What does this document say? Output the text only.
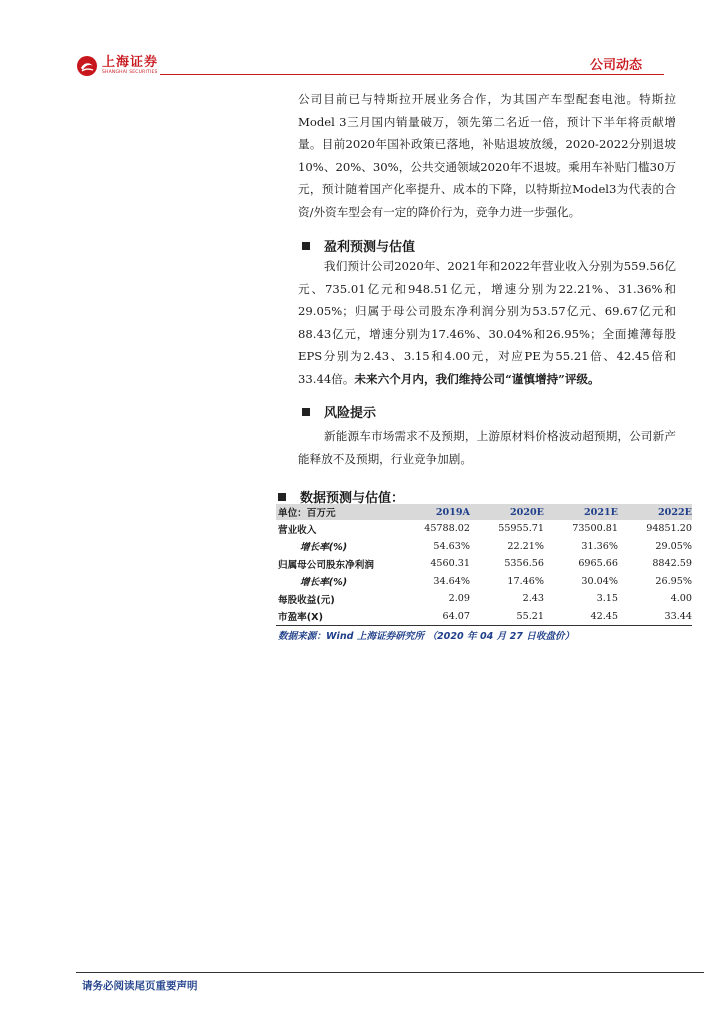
上海证券
SHANGHAI SECURITIES	公司动态
公司目前已与特斯拉开展业务合作，为其国产车型配套电池。特斯拉Model 3三月国内销量破万，领先第二名近一倍，预计下半年将贡献增量。目前2020年国补政策已落地，补贴退坡放缓，2020-2022分别退坡10%、20%、30%，公共交通领域2020年不退坡。乘用车补贴门槛30万元，预计随着国产化率提升、成本的下降，以特斯拉Model3为代表的合资/外资车型会有一定的降价行为，竞争力进一步强化。
盈利预测与估值
我们预计公司2020年、2021年和2022年营业收入分别为559.56亿元、735.01亿元和948.51亿元，增速分别为22.21%、31.36%和29.05%；归属于母公司股东净利润分别为53.57亿元、69.67亿元和88.43亿元，增速分别为17.46%、30.04%和26.95%；全面摊薄每股EPS分别为2.43、3.15和4.00元，对应PE为55.21倍、42.45倍和33.44倍。未来六个月内，我们维持公司“谨慎增持”评级。
风险提示
新能源车市场需求不及预期，上游原材料价格波动超预期，公司新产能释放不及预期，行业竞争加剧。
数据预测与估值：
单位：百万元	2019A	2020E	2021E	2022E
营业收入	45788.02	55955.71	73500.81	94851.20
增长率(%)	54.63%	22.21%	31.36%	29.05%
归属母公司股东净利润	4560.31	5356.56	6965.66	8842.59
增长率(%)	34.64%	17.46%	30.04%	26.95%
每股收益(元)	2.09	2.43	3.15	4.00
市盈率(X)	64.07	55.21	42.45	33.44
数据来源：Wind 上海证券研究所 （2020 年 04 月 27 日收盘价）
请务必阅读尾页重要声明
